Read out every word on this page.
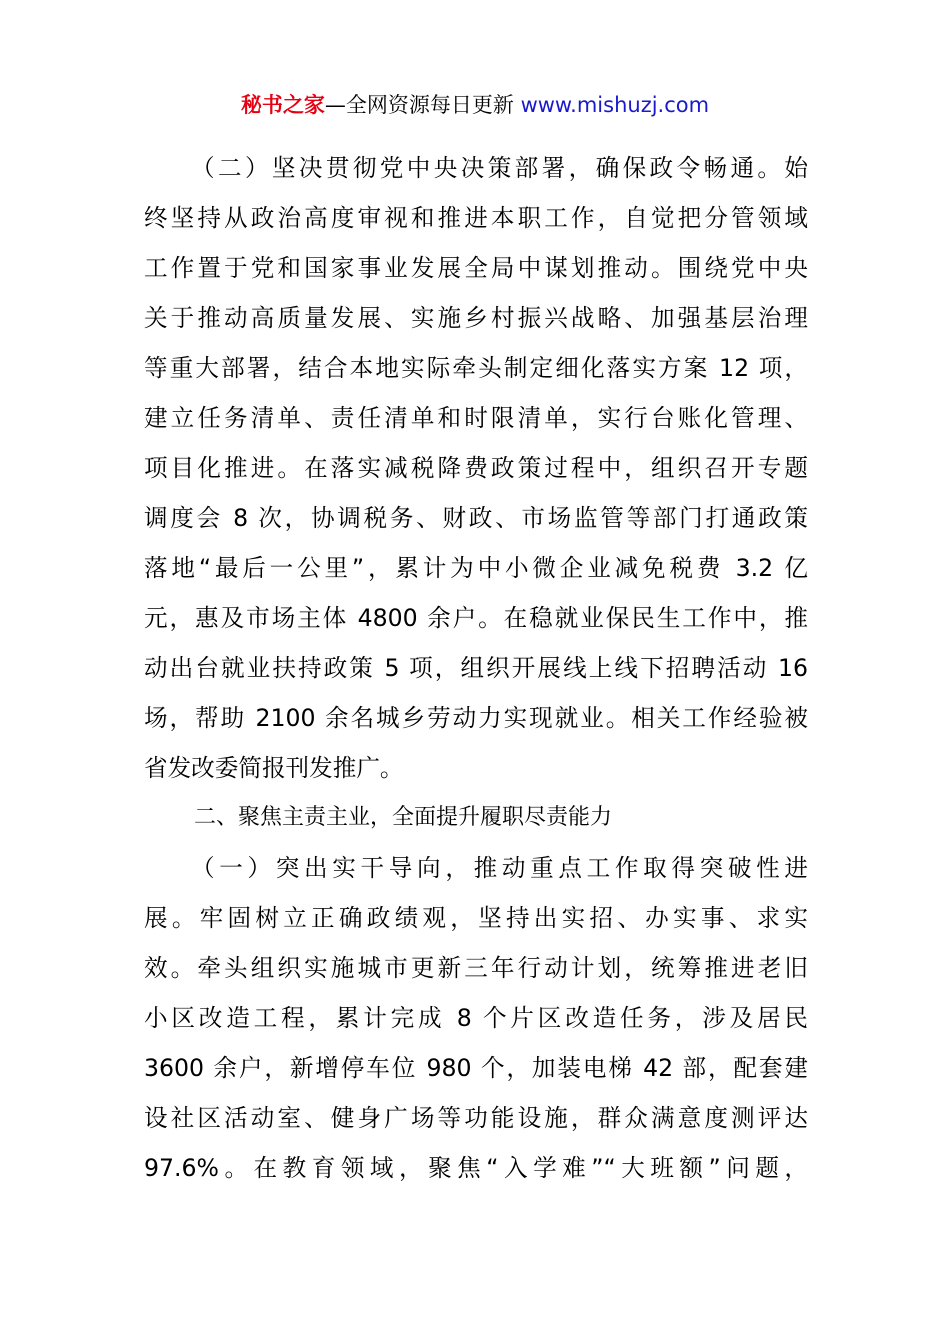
秘书之家—全网资源每日更新 www.mishuzj.com
（二）坚决贯彻党中央决策部署，确保政令畅通。始
终坚持从政治高度审视和推进本职工作，自觉把分管领域
工作置于党和国家事业发展全局中谋划推动。围绕党中央
关于推动高质量发展、实施乡村振兴战略、加强基层治理
等重大部署，结合本地实际牵头制定细化落实方案 12 项，
建立任务清单、责任清单和时限清单，实行台账化管理、
项目化推进。在落实减税降费政策过程中，组织召开专题
调度会 8 次，协调税务、财政、市场监管等部门打通政策
落地“最后一公里”，累计为中小微企业减免税费 3.2 亿
元，惠及市场主体 4800 余户。在稳就业保民生工作中，推
动出台就业扶持政策 5 项，组织开展线上线下招聘活动 16
场，帮助 2100 余名城乡劳动力实现就业。相关工作经验被
省发改委简报刊发推广。
二、聚焦主责主业，全面提升履职尽责能力
（一）突出实干导向，推动重点工作取得突破性进
展。牢固树立正确政绩观，坚持出实招、办实事、求实
效。牵头组织实施城市更新三年行动计划，统筹推进老旧
小区改造工程，累计完成 8 个片区改造任务，涉及居民
3600 余户，新增停车位 980 个，加装电梯 42 部，配套建
设社区活动室、健身广场等功能设施，群众满意度测评达
97.6%。在教育领域，聚焦“入学难”“大班额”问题，
